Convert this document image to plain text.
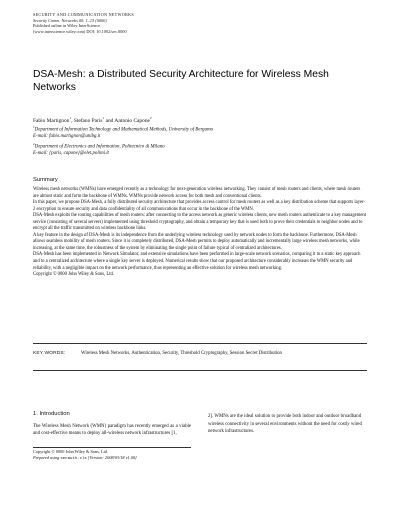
SECURITY AND COMMUNICATION NETWORKS
Security Comm. Networks 00: 1–15 (0000)
Published online in Wiley InterScience
(www.interscience.wiley.com) DOI: 10.1002/sec.0000
DSA-Mesh: a Distributed Security Architecture for Wireless Mesh Networks
Fabio Martignon$^1$, Stefano Paris$^1$ and Antonio Capone$^2$
$^1$Department of Information Technology and Mathematical Methods, University of Bergamo
E-mail: fabio.martignon@unibg.it
$^2$Department of Electronics and Information, Politecnico di Milano
E-mail: {paris, capone}@elet.polimi.it
Summary

Wireless mesh networks (WMNs) have emerged recently as a technology for next-generation wireless networking. They consist of mesh routers and clients, where mesh routers are almost static and form the backbone of WMNs. WMNs provide network access for both mesh and conventional clients.

In this paper, we propose DSA-Mesh, a fully distributed security architecture that provides access control for mesh routers as well as a key distribution scheme that supports layer-2 encryption to ensure security and data confidentiality of all communications that occur in the backbone of the WMN.

DSA-Mesh exploits the routing capabilities of mesh routers: after connecting to the access network as generic wireless clients, new mesh routers authenticate to a key management service (consisting of several servers) implemented using threshold cryptography, and obtain a temporary key that is used both to prove their credentials to neighbor nodes and to encrypt all the traffic transmitted on wireless backbone links.

A key feature in the design of DSA-Mesh is its independence from the underlying wireless technology used by network nodes to form the backbone. Furthermore, DSA-Mesh allows seamless mobility of mesh routers. Since it is completely distributed, DSA-Mesh permits to deploy automatically and incrementally large wireless mesh networks, while increasing, at the same time, the robustness of the system by eliminating the single point of failure typical of centralized architectures.

DSA-Mesh has been implemented in Network Simulator, and extensive simulations have been performed in large-scale network scenarios, comparing it to a static key approach and to a centralized architecture where a single key server is deployed. Numerical results show that our proposed architecture considerably increases the WMN security and reliability, with a negligible impact on the network performance, thus representing an effective solution for wireless mesh networking.

Copyright © 0000 John Wiley & Sons, Ltd.

KEY WORDS:	Wireless Mesh Networks, Authentication, Security, Threshold Cryptography, Session Secret Distribution
1. Introduction
The Wireless Mesh Network (WMN) paradigm has recently emerged as a viable and cost-effective means to deploy all-wireless network infrastructures [1,
2]. WMNs are the ideal solution to provide both indoor and outdoor broadband wireless connectivity in several environments without the need for costly wired network infrastructures.
Copyright © 0000 John Wiley & Sons, Ltd.
Prepared using secauth.cls [Version: 2008/03/18 v1.00]
